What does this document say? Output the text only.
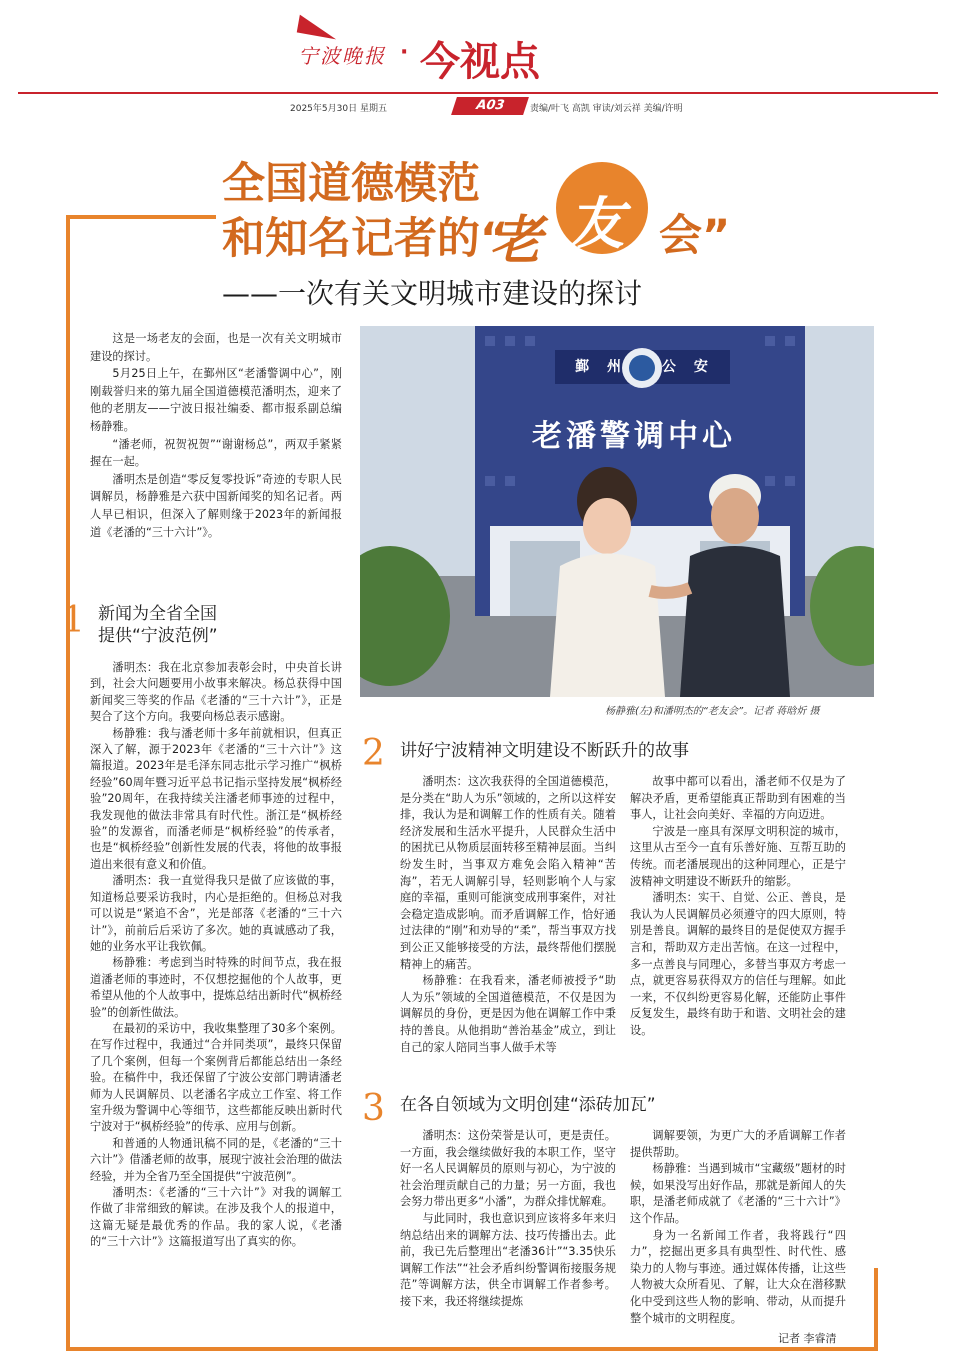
宁波晚报 · 今视点
2025年5月30日 星期五	A03	责编/叶飞 高凯 审读/刘云祥 美编/许明
全国道德模范
和知名记者的“
老 友 会”
——一次有关文明城市建设的探讨

这是一场老友的会面，也是一次有关文明城市建设的探讨。

5月25日上午，在鄞州区“老潘警调中心”，刚刚载誉归来的第九届全国道德模范潘明杰，迎来了他的老朋友——宁波日报社编委、都市报系副总编杨静雅。

“潘老师，祝贺祝贺”“谢谢杨总”，两双手紧紧握在一起。

潘明杰是创造“零反复零投诉”奇迹的专职人民调解员，杨静雅是六获中国新闻奖的知名记者。两人早已相识，但深入了解则缘于2023年的新闻报道《老潘的“三十六计”》。

鄞州 公安
老潘警调中心
杨静雅(左)和潘明杰的“老友会”。记者 蒋晗炘 摄
1 新闻为全省全国
提供“宁波范例”

潘明杰：我在北京参加表彰会时，中央首长讲到，社会大问题要用小故事来解决。杨总获得中国新闻奖三等奖的作品《老潘的“三十六计”》，正是契合了这个方向。我要向杨总表示感谢。

杨静雅：我与潘老师十多年前就相识，但真正深入了解，源于2023年《老潘的“三十六计”》这篇报道。2023年是毛泽东同志批示学习推广“枫桥经验”60周年暨习近平总书记指示坚持发展“枫桥经验”20周年，在我持续关注潘老师事迹的过程中，我发现他的做法非常具有时代性。浙江是“枫桥经验”的发源省，而潘老师是“枫桥经验”的传承者，也是“枫桥经验”创新性发展的代表，将他的故事报道出来很有意义和价值。

潘明杰：我一直觉得我只是做了应该做的事，知道杨总要采访我时，内心是拒绝的。但杨总对我可以说是“紧追不舍”，光是部落《老潘的“三十六计”》，前前后后采访了多次。她的真诚感动了我，她的业务水平让我钦佩。

杨静雅：考虑到当时特殊的时间节点，我在报道潘老师的事迹时，不仅想挖掘他的个人故事，更希望从他的个人故事中，提炼总结出新时代“枫桥经验”的创新性做法。

在最初的采访中，我收集整理了30多个案例。在写作过程中，我通过“合并同类项”，最终只保留了几个案例，但每一个案例背后都能总结出一条经验。在稿件中，我还保留了宁波公安部门聘请潘老师为人民调解员、以老潘名字成立工作室、将工作室升级为警调中心等细节，这些都能反映出新时代宁波对于“枫桥经验”的传承、应用与创新。

和普通的人物通讯稿不同的是，《老潘的“三十六计”》借潘老师的故事，展现宁波社会治理的做法经验，并为全省乃至全国提供“宁波范例”。

潘明杰：《老潘的“三十六计”》对我的调解工作做了非常细致的解读。在涉及我个人的报道中，这篇无疑是最优秀的作品。我的家人说，《老潘的“三十六计”》这篇报道写出了真实的你。

2 讲好宁波精神文明建设不断跃升的故事

潘明杰：这次我获得的全国道德模范，是分类在“助人为乐”领域的，之所以这样安排，我认为是和调解工作的性质有关。随着经济发展和生活水平提升，人民群众生活中的困扰已从物质层面转移至精神层面。当纠纷发生时，当事双方难免会陷入精神“苦海”，若无人调解引导，轻则影响个人与家庭的幸福，重则可能演变成刑事案件，对社会稳定造成影响。而矛盾调解工作，恰好通过法律的“刚”和劝导的“柔”，帮当事双方找到公正又能够接受的方法，最终帮他们摆脱精神上的痛苦。

杨静雅：在我看来，潘老师被授予“助人为乐”领域的全国道德模范，不仅是因为调解员的身份，更是因为他在调解工作中秉持的善良。从他捐助“善治基金”成立，到让自己的家人陪同当事人做手术等

故事中都可以看出，潘老师不仅是为了解决矛盾，更希望能真正帮助到有困难的当事人，让社会向美好、幸福的方向迈进。

宁波是一座具有深厚文明积淀的城市，这里从古至今一直有乐善好施、互帮互助的传统。而老潘展现出的这种同理心，正是宁波精神文明建设不断跃升的缩影。

潘明杰：实干、自觉、公正、善良，是我认为人民调解员必须遵守的四大原则，特别是善良。调解的最终目的是促使双方握手言和，帮助双方走出苦恼。在这一过程中，多一点善良与同理心，多替当事双方考虑一点，就更容易获得双方的信任与理解。如此一来，不仅纠纷更容易化解，还能防止事件反复发生，最终有助于和谐、文明社会的建设。

3 在各自领域为文明创建“添砖加瓦”

潘明杰：这份荣誉是认可，更是责任。一方面，我会继续做好我的本职工作，坚守好一名人民调解员的原则与初心，为宁波的社会治理贡献自己的力量；另一方面，我也会努力带出更多“小潘”，为群众排忧解难。

与此同时，我也意识到应该将多年来归纳总结出来的调解方法、技巧传播出去。此前，我已先后整理出“老潘36计”“3.35快乐调解工作法”“社会矛盾纠纷警调衔接服务规范”等调解方法，供全市调解工作者参考。接下来，我还将继续提炼

调解要领，为更广大的矛盾调解工作者提供帮助。

杨静雅：当遇到城市“宝藏级”题材的时候，如果没写出好作品，那就是新闻人的失职，是潘老师成就了《老潘的“三十六计”》这个作品。

身为一名新闻工作者，我将践行“四力”，挖掘出更多具有典型性、时代性、感染力的人物与事迹。通过媒体传播，让这些人物被大众所看见、了解，让大众在潜移默化中受到这些人物的影响、带动，从而提升整个城市的文明程度。

记者 李睿清
